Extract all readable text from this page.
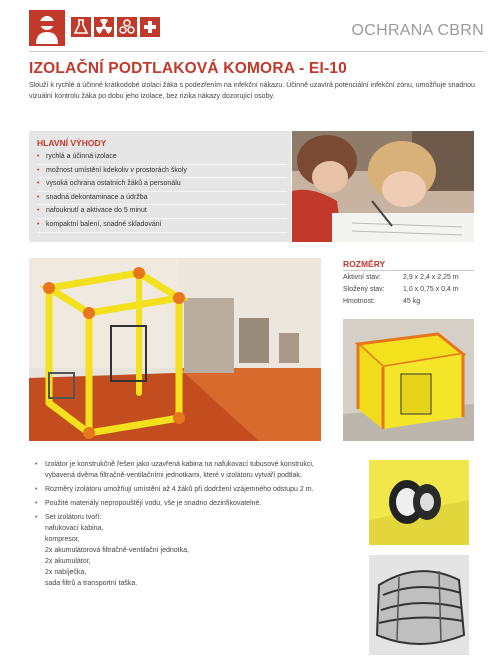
OCHRANA CBRN
IZOLAČNÍ PODTLAKOVÁ KOMORA - EI-10
Slouží k rychlé a účinné krátkodobé izolaci žáka s podezřením na infekční nákazu. Účinně uzavírá potenciální infekční zónu, umožňuje snadnou vizuální kontrolu žáka po dobu jeho izolace, bez rizika nákazy dozorující osoby.
HLAVNÍ VÝHODY
• rychlá a účinná izolace
• možnost umístění kdekoliv v prostorách školy
• vysoká ochrana ostatních žáků a personálu
• snadná dekontaminace a údržba
• nafouknutí a aktivace do 5 minut
• kompaktní balení, snadné skladování
ROZMĚRY
Aktivní stav:	2,9 x 2,4 x 2,25 m
Složený stav:	1,0 x 0,75 x 0,4 m
Hmotnost:	45 kg
• Izolátor je konstrukčně řešen jako uzavřená kabina na nafukovací tubusové konstrukci, vybavená dvěma filtračně-ventilačními jednotkami, které v izolátoru vytváří podtlak.
• Rozměry izolátoru umožňují umístění až 4 žáků při dodržení vzájemného odstupu 2 m.
• Použité materiály nepropouštějí vodu, vše je snadno dezinfikovatelné.
• Set izolátoru tvoří:
nafukovací kabina,
kompresor,
2x akumulátorová filtračně-ventilační jednotka,
2x akumulátor,
2x nabíječka,
sada filtrů a transportní taška.
